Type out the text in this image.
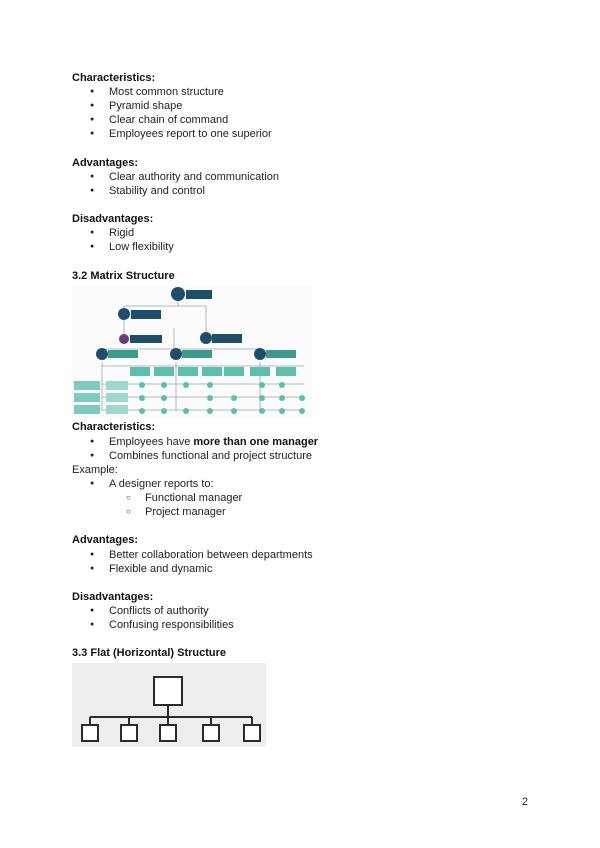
Characteristics:
● Most common structure
● Pyramid shape
● Clear chain of command
● Employees report to one superior
Advantages:
● Clear authority and communication
● Stability and control
Disadvantages:
● Rigid
● Low flexibility
3.2 Matrix Structure
Characteristics:
● Employees have more than one manager
● Combines functional and project structure
Example:
● A designer reports to:
○ Functional manager
○ Project manager
Advantages:
● Better collaboration between departments
● Flexible and dynamic
Disadvantages:
● Conflicts of authority
● Confusing responsibilities
3.3 Flat (Horizontal) Structure
2
